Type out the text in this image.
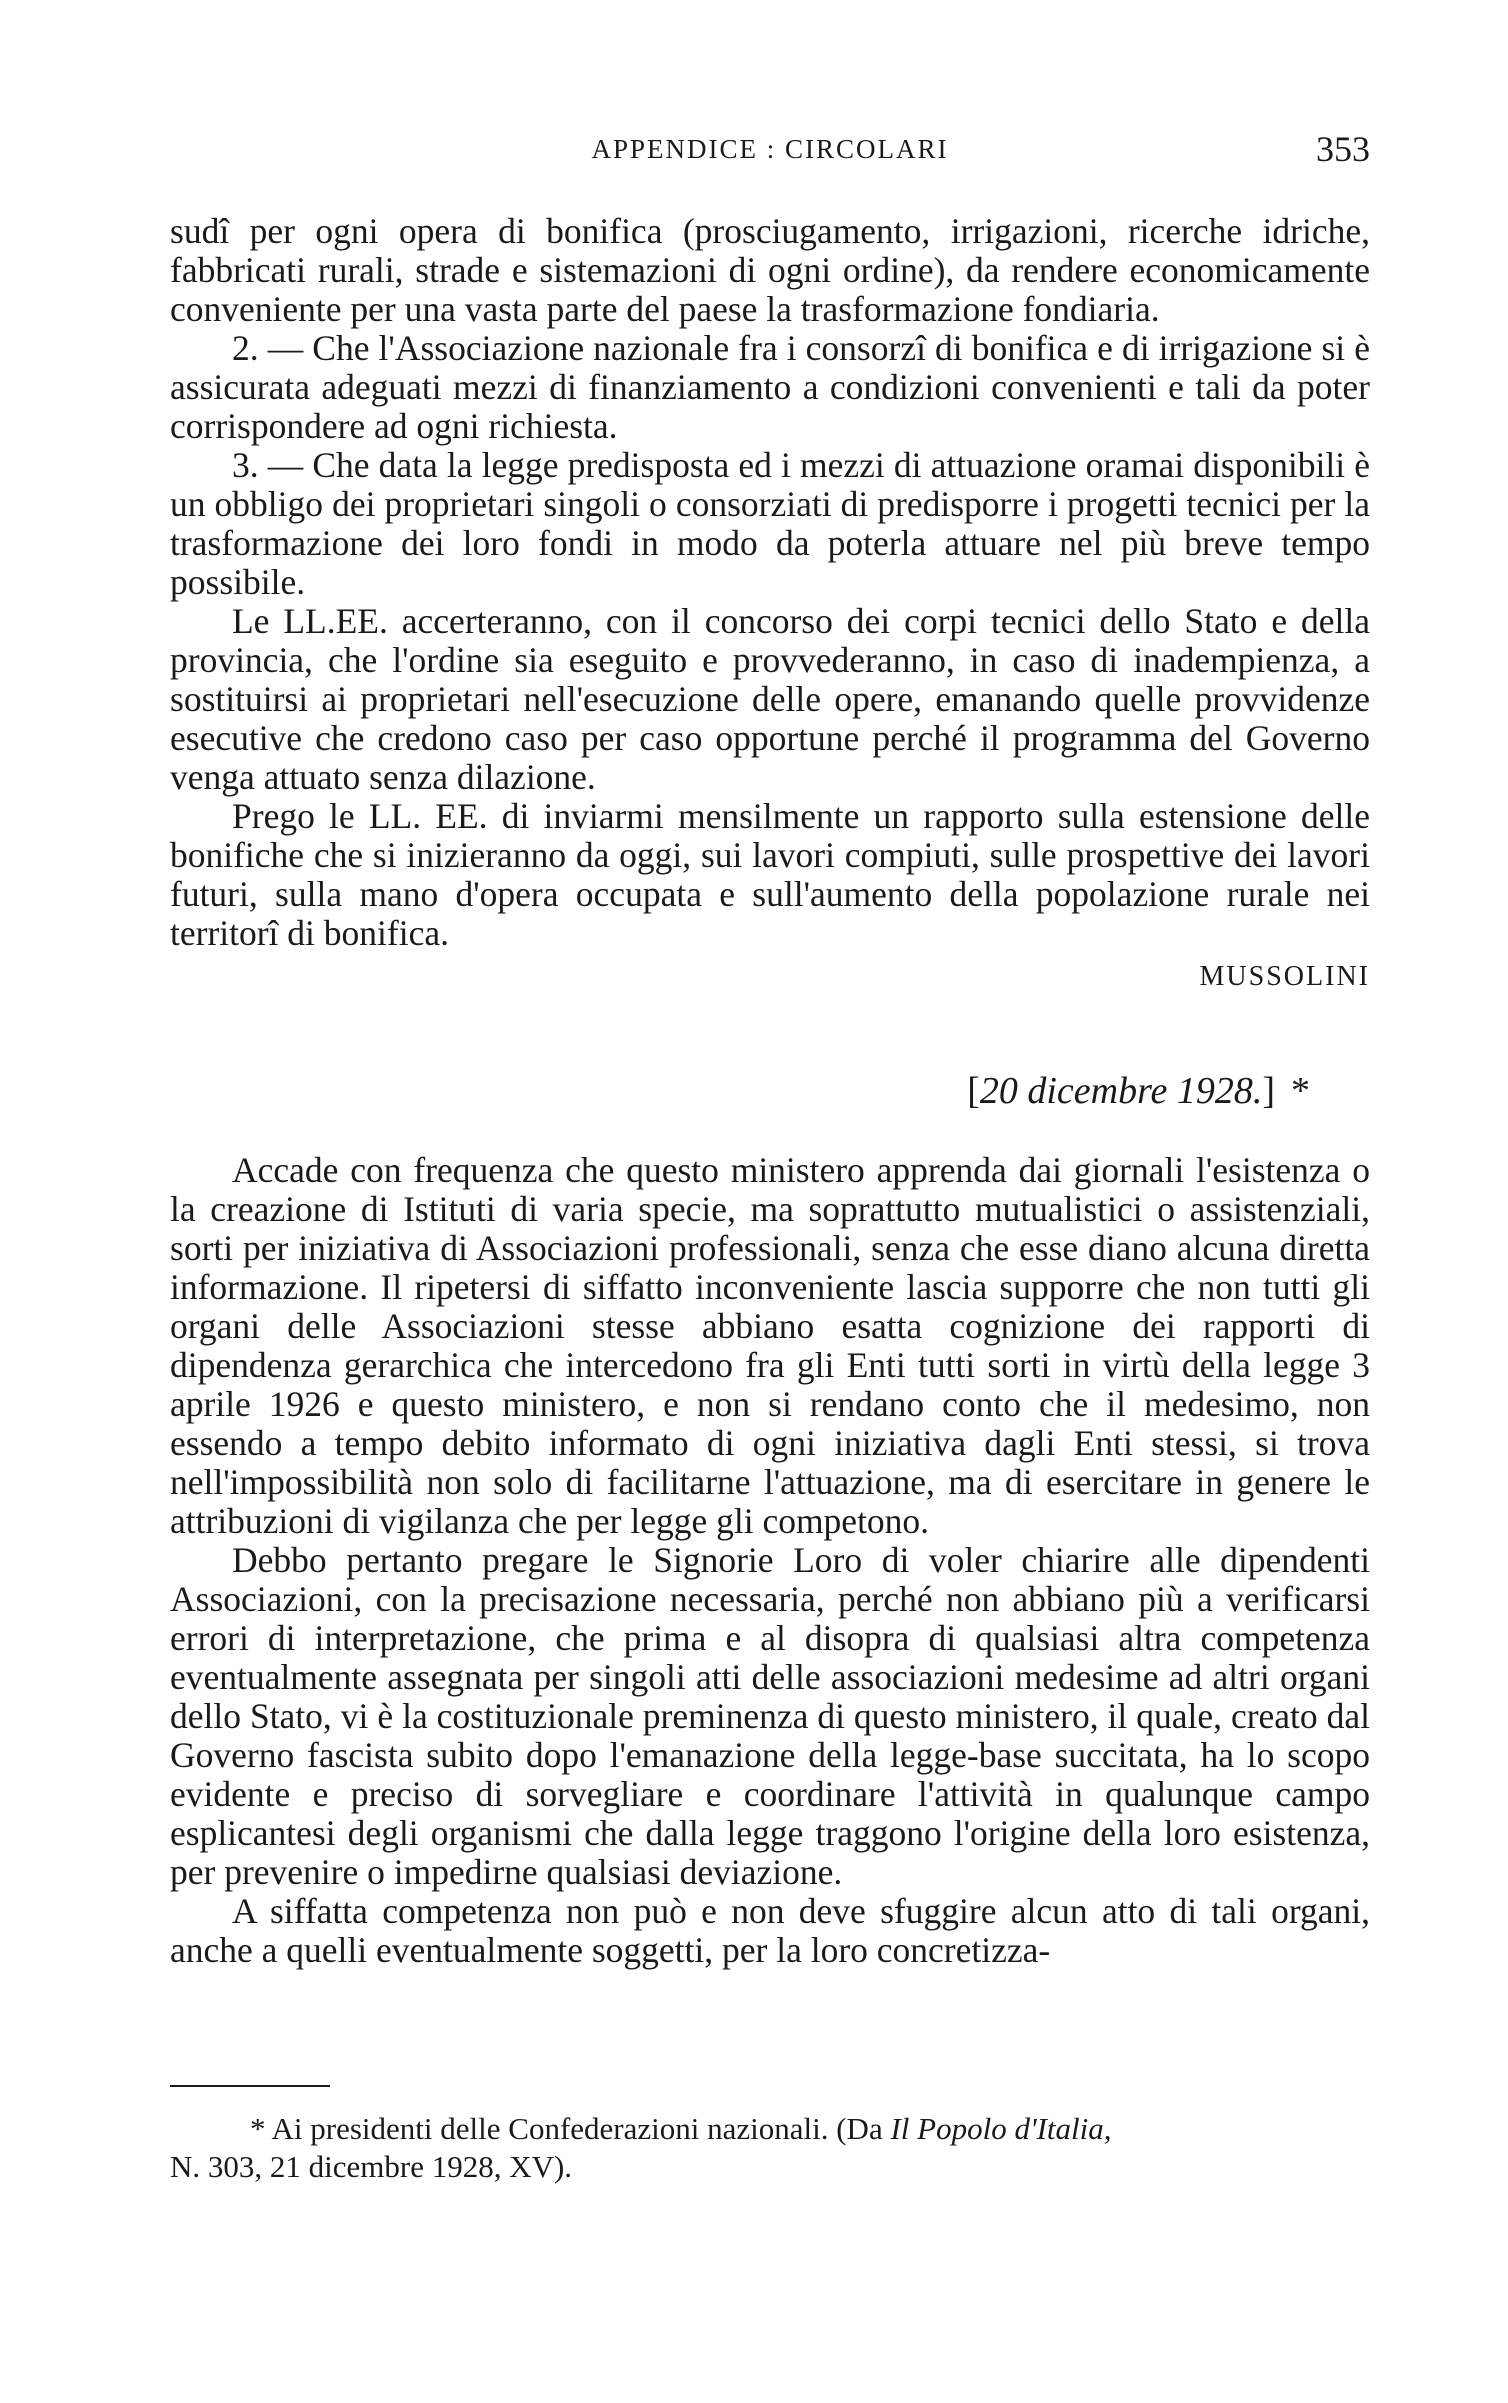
APPENDICE : CIRCOLARI	353

sudî per ogni opera di bonifica (prosciugamento, irrigazioni, ricerche idriche, fabbricati rurali, strade e sistemazioni di ogni ordine), da rendere economicamente conveniente per una vasta parte del paese la trasformazione fondiaria.

2. — Che l'Associazione nazionale fra i consorzî di bonifica e di irrigazione si è assicurata adeguati mezzi di finanziamento a condizioni convenienti e tali da poter corrispondere ad ogni richiesta.

3. — Che data la legge predisposta ed i mezzi di attuazione oramai disponibili è un obbligo dei proprietari singoli o consorziati di predisporre i progetti tecnici per la trasformazione dei loro fondi in modo da poterla attuare nel più breve tempo possibile.

Le LL.EE. accerteranno, con il concorso dei corpi tecnici dello Stato e della provincia, che l'ordine sia eseguito e provvederanno, in caso di inadempienza, a sostituirsi ai proprietari nell'esecuzione delle opere, emanando quelle provvidenze esecutive che credono caso per caso opportune perché il programma del Governo venga attuato senza dilazione.

Prego le LL. EE. di inviarmi mensilmente un rapporto sulla estensione delle bonifiche che si inizieranno da oggi, sui lavori compiuti, sulle prospettive dei lavori futuri, sulla mano d'opera occupata e sull'aumento della popolazione rurale nei territorî di bonifica.

MUSSOLINI
[20 dicembre 1928.] *

Accade con frequenza che questo ministero apprenda dai giornali l'esistenza o la creazione di Istituti di varia specie, ma soprattutto mutualistici o assistenziali, sorti per iniziativa di Associazioni professionali, senza che esse diano alcuna diretta informazione. Il ripetersi di siffatto inconveniente lascia supporre che non tutti gli organi delle Associazioni stesse abbiano esatta cognizione dei rapporti di dipendenza gerarchica che intercedono fra gli Enti tutti sorti in virtù della legge 3 aprile 1926 e questo ministero, e non si rendano conto che il medesimo, non essendo a tempo debito informato di ogni iniziativa dagli Enti stessi, si trova nell'impossibilità non solo di facilitarne l'attuazione, ma di esercitare in genere le attribuzioni di vigilanza che per legge gli competono.

Debbo pertanto pregare le Signorie Loro di voler chiarire alle dipendenti Associazioni, con la precisazione necessaria, perché non abbiano più a verificarsi errori di interpretazione, che prima e al disopra di qualsiasi altra competenza eventualmente assegnata per singoli atti delle associazioni medesime ad altri organi dello Stato, vi è la costituzionale preminenza di questo ministero, il quale, creato dal Governo fascista subito dopo l'emanazione della legge-base succitata, ha lo scopo evidente e preciso di sorvegliare e coordinare l'attività in qualunque campo esplicantesi degli organismi che dalla legge traggono l'origine della loro esistenza, per prevenire o impedirne qualsiasi deviazione.

A siffatta competenza non può e non deve sfuggire alcun atto di tali organi, anche a quelli eventualmente soggetti, per la loro concretizza-

* Ai presidenti delle Confederazioni nazionali. (Da Il Popolo d'Italia,
N. 303, 21 dicembre 1928, XV).
